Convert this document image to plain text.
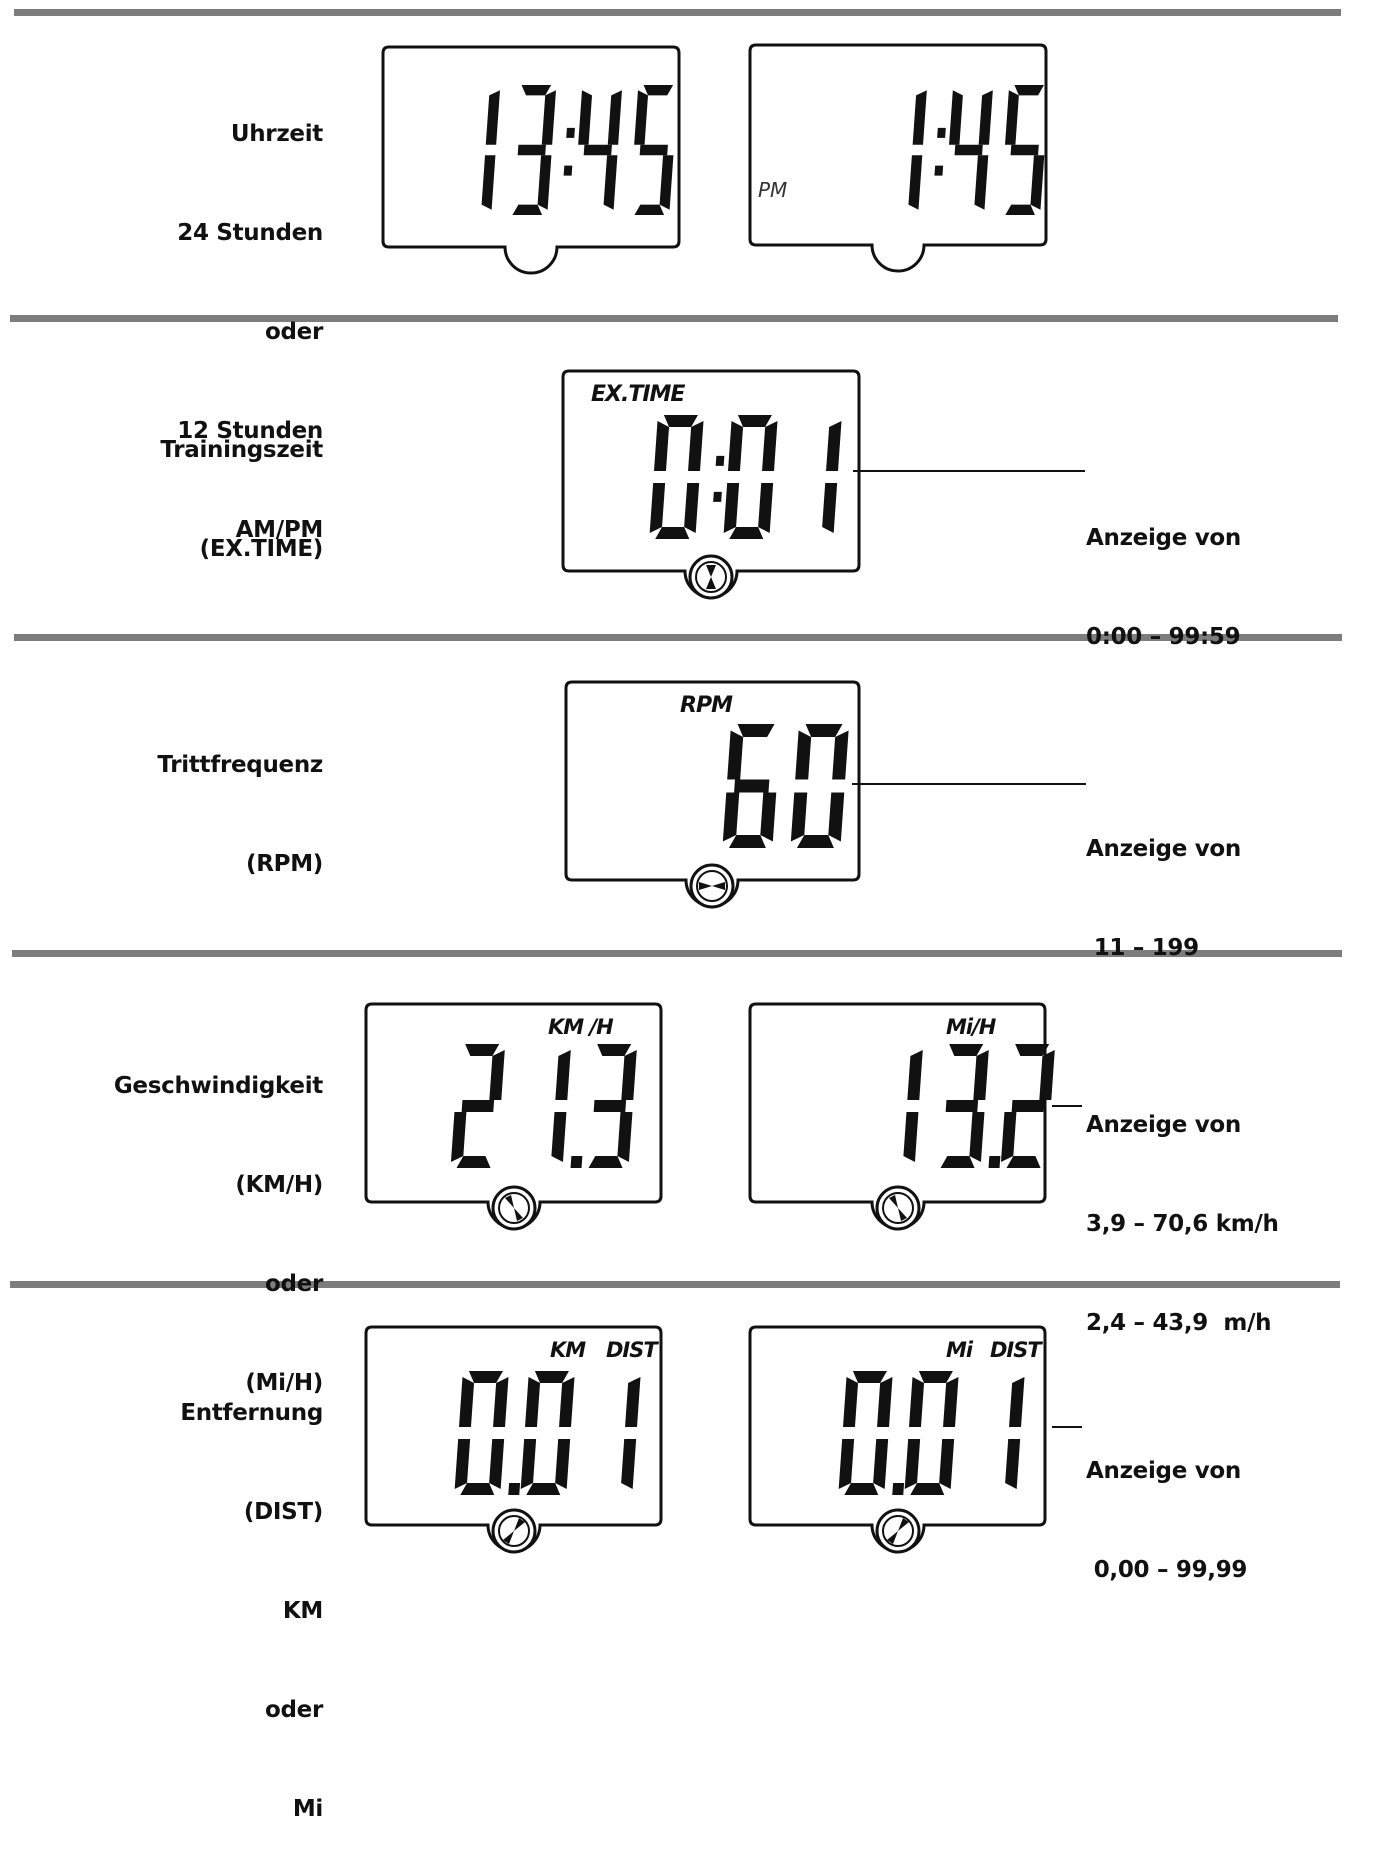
Uhrzeit

24 Stunden

oder

12 Stunden

AM/PM

PM

Trainingszeit

(EX.TIME)

EX.TIME

Anzeige von

0:00 – 99:59

Trittfrequenz

(RPM)

RPM

Anzeige von

11 – 199

Geschwindigkeit

(KM/H)

oder

(Mi/H)

KM /H	Mi/H

Anzeige von

3,9 – 70,6 km/h

2,4 – 43,9  m/h

Entfernung

(DIST)

KM

oder

Mi

KM DIST	Mi DIST

Anzeige von

0,00 – 99,99
